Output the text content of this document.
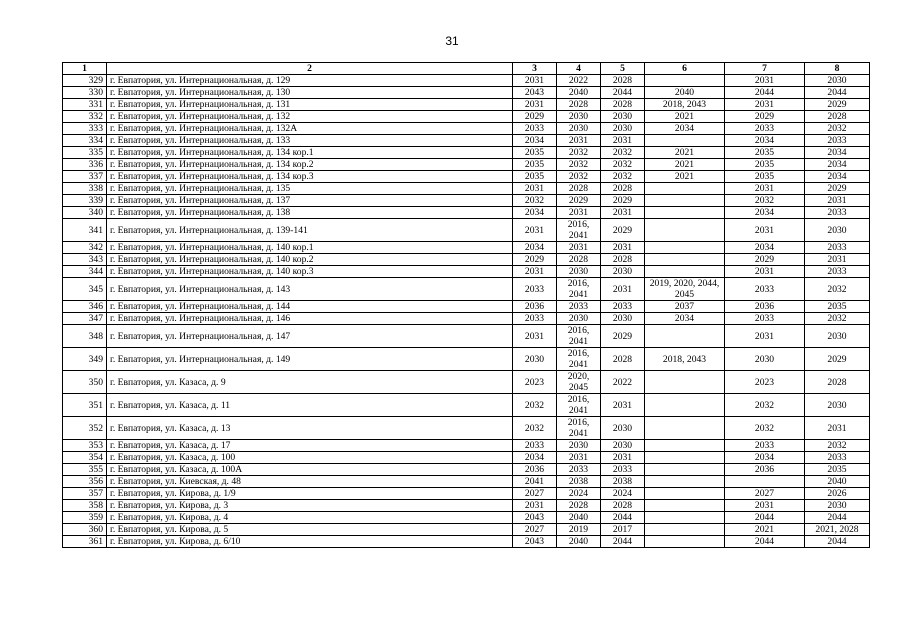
31
1	2	3	4	5	6	7	8
329	г. Евпатория, ул. Интернациональная, д. 129	2031	2022	2028		2031	2030
330	г. Евпатория, ул. Интернациональная, д. 130	2043	2040	2044	2040	2044	2044
331	г. Евпатория, ул. Интернациональная, д. 131	2031	2028	2028	2018, 2043	2031	2029
332	г. Евпатория, ул. Интернациональная, д. 132	2029	2030	2030	2021	2029	2028
333	г. Евпатория, ул. Интернациональная, д. 132А	2033	2030	2030	2034	2033	2032
334	г. Евпатория, ул. Интернациональная, д. 133	2034	2031	2031		2034	2033
335	г. Евпатория, ул. Интернациональная, д. 134 кор.1	2035	2032	2032	2021	2035	2034
336	г. Евпатория, ул. Интернациональная, д. 134 кор.2	2035	2032	2032	2021	2035	2034
337	г. Евпатория, ул. Интернациональная, д. 134 кор.3	2035	2032	2032	2021	2035	2034
338	г. Евпатория, ул. Интернациональная, д. 135	2031	2028	2028		2031	2029
339	г. Евпатория, ул. Интернациональная, д. 137	2032	2029	2029		2032	2031
340	г. Евпатория, ул. Интернациональная, д. 138	2034	2031	2031		2034	2033
341	г. Евпатория, ул. Интернациональная, д. 139-141	2031	2016, 2041	2029		2031	2030
342	г. Евпатория, ул. Интернациональная, д. 140 кор.1	2034	2031	2031		2034	2033
343	г. Евпатория, ул. Интернациональная, д. 140 кор.2	2029	2028	2028		2029	2031
344	г. Евпатория, ул. Интернациональная, д. 140 кор.3	2031	2030	2030		2031	2033
345	г. Евпатория, ул. Интернациональная, д. 143	2033	2016, 2041	2031	2019, 2020, 2044, 2045	2033	2032
346	г. Евпатория, ул. Интернациональная, д. 144	2036	2033	2033	2037	2036	2035
347	г. Евпатория, ул. Интернациональная, д. 146	2033	2030	2030	2034	2033	2032
348	г. Евпатория, ул. Интернациональная, д. 147	2031	2016, 2041	2029		2031	2030
349	г. Евпатория, ул. Интернациональная, д. 149	2030	2016, 2041	2028	2018, 2043	2030	2029
350	г. Евпатория, ул. Казаса, д. 9	2023	2020, 2045	2022		2023	2028
351	г. Евпатория, ул. Казаса, д. 11	2032	2016, 2041	2031		2032	2030
352	г. Евпатория, ул. Казаса, д. 13	2032	2016, 2041	2030		2032	2031
353	г. Евпатория, ул. Казаса, д. 17	2033	2030	2030		2033	2032
354	г. Евпатория, ул. Казаса, д. 100	2034	2031	2031		2034	2033
355	г. Евпатория, ул. Казаса, д. 100А	2036	2033	2033		2036	2035
356	г. Евпатория, ул. Киевская, д. 48	2041	2038	2038			2040
357	г. Евпатория, ул. Кирова, д. 1/9	2027	2024	2024		2027	2026
358	г. Евпатория, ул. Кирова, д. 3	2031	2028	2028		2031	2030
359	г. Евпатория, ул. Кирова, д. 4	2043	2040	2044		2044	2044
360	г. Евпатория, ул. Кирова, д. 5	2027	2019	2017		2021	2021, 2028
361	г. Евпатория, ул. Кирова, д. 6/10	2043	2040	2044		2044	2044
